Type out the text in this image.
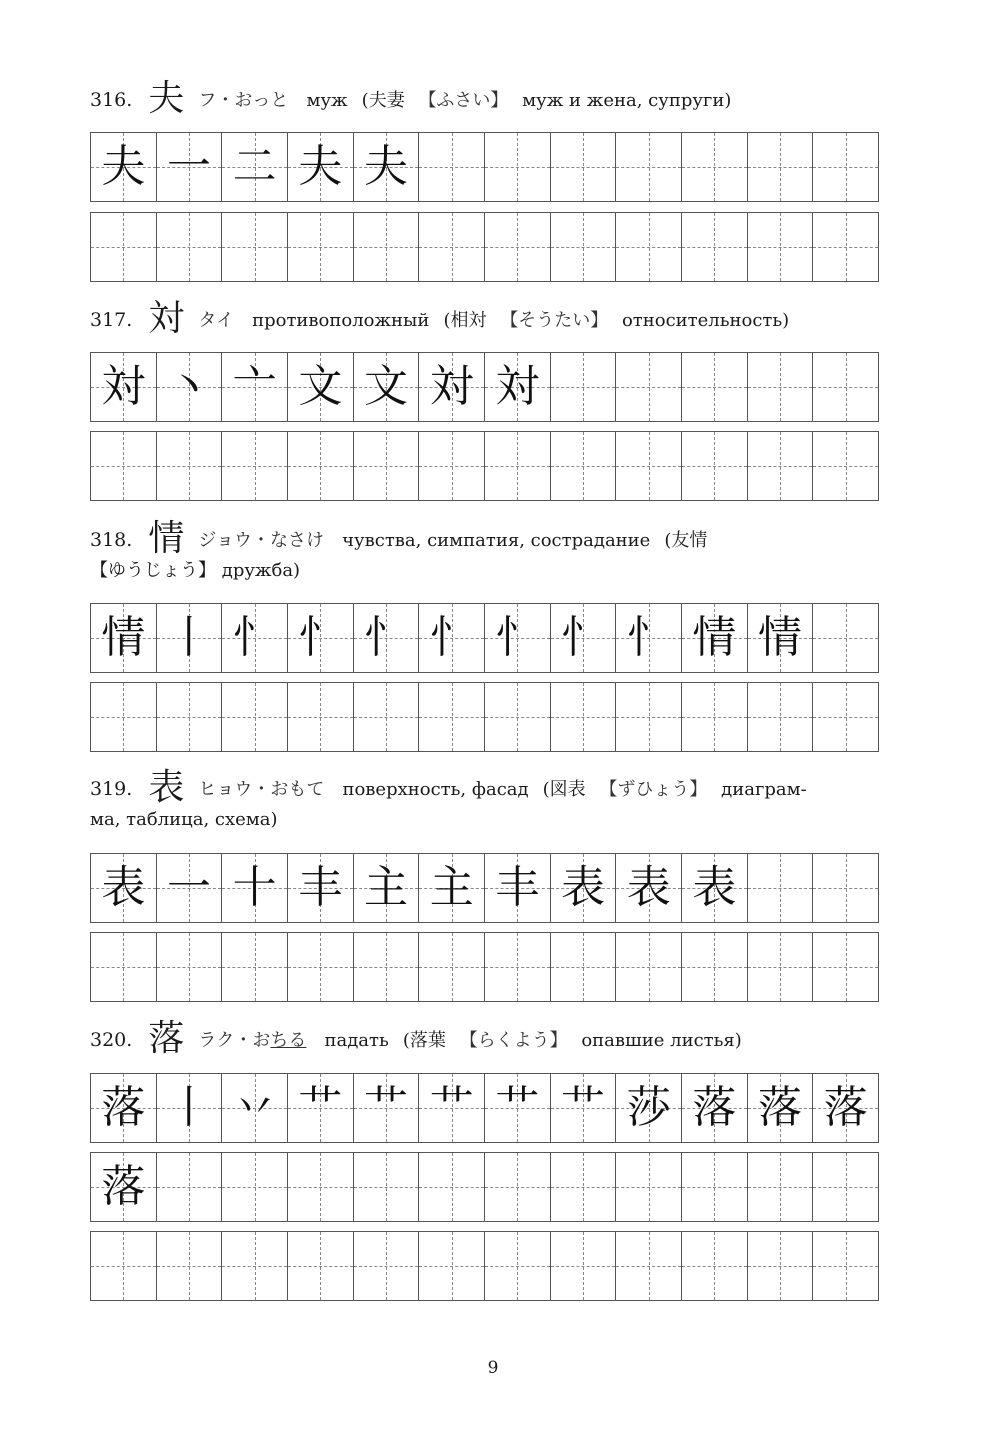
316. 夫 フ・おっと муж (夫妻 【ふさい】 муж и жена, супруги)
夫 一 二 夫 夫
317. 対 タイ противоположный (相対 【そうたい】 относительность)
対 丶 亠 文 文 対 対
318. 情 ジョウ・なさけ чувства, симпатия, сострадание (友情
【ゆうじょう】 дружба)
情 丨 忄 忄 忄 忄 忄 忄 忄 情 情
319. 表 ヒョウ・おもて поверхность, фасад (図表 【ずひょう】 диаграм-
ма, таблица, схема)
表 一 十 丰 主 主 丰 表 表 表
320. 落 ラク・おちる падать (落葉 【らくよう】 опавшие листья)
落 丨 丷 艹 艹 艹 艹 艹 莎 落 落 落
落
9
